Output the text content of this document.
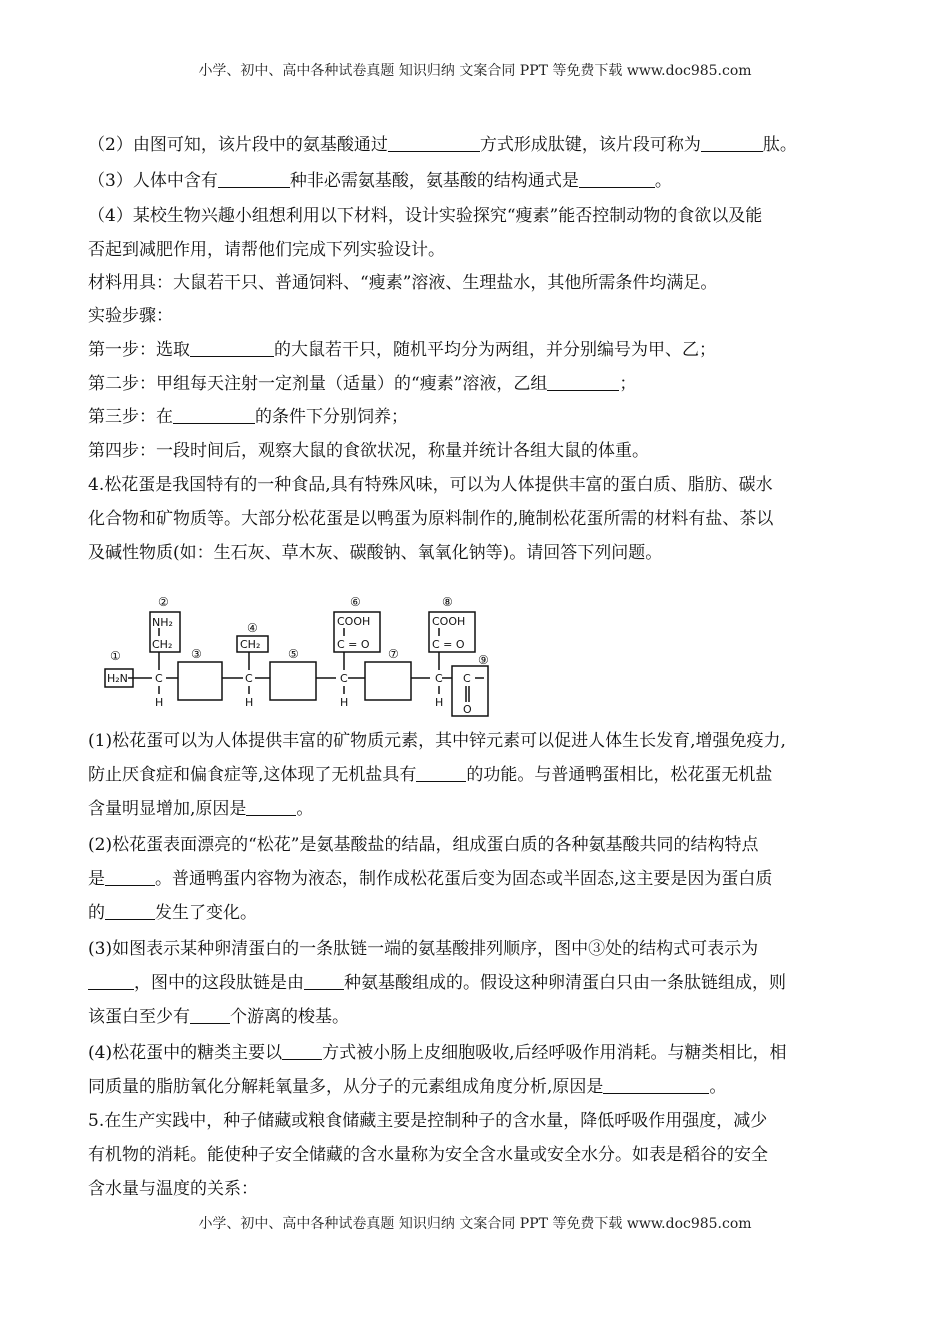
小学、初中、高中各种试卷真题 知识归纳 文案合同 PPT 等免费下载 www.doc985.com
（2）由图可知，该片段中的氨基酸通过	方式形成肽键，该片段可称为	肽。
（3）人体中含有	种非必需氨基酸，氨基酸的结构通式是	。
（4）某校生物兴趣小组想利用以下材料，设计实验探究“瘦素”能否控制动物的食欲以及能
否起到减肥作用，请帮他们完成下列实验设计。
材料用具：大鼠若干只、普通饲料、“瘦素”溶液、生理盐水，其他所需条件均满足。
实验步骤：
第一步：选取	的大鼠若干只，随机平均分为两组，并分别编号为甲、乙；
第二步：甲组每天注射一定剂量（适量）的“瘦素”溶液，乙组	；
第三步：在	的条件下分别饲养；
第四步：一段时间后，观察大鼠的食欲状况，称量并统计各组大鼠的体重。
4.松花蛋是我国特有的一种食品,具有特殊风味，可以为人体提供丰富的蛋白质、脂肪、碳水
化合物和矿物质等。大部分松花蛋是以鸭蛋为原料制作的,腌制松花蛋所需的材料有盐、茶以
及碱性物质(如：生石灰、草木灰、碳酸钠、氧氧化钠等)。请回答下列问题。
①
②
③
④
⑤
⑥
⑦
⑧
⑨
H₂N
NH₂
CH₂	CH₂
COOH
C = O
COOH
C = O
C	C	C	C
H	H	H	H
C
O
(1)松花蛋可以为人体提供丰富的矿物质元素，其中锌元素可以促进人体生长发育,增强免疫力,
防止厌食症和偏食症等,这体现了无机盐具有	的功能。与普通鸭蛋相比，松花蛋无机盐
含量明显增加,原因是	。
(2)松花蛋表面漂亮的“松花”是氨基酸盐的结晶，组成蛋白质的各种氨基酸共同的结构特点
是	。普通鸭蛋内容物为液态，制作成松花蛋后变为固态或半固态,这主要是因为蛋白质
的	发生了变化。
(3)如图表示某种卵清蛋白的一条肽链一端的氨基酸排列顺序，图中③处的结构式可表示为
，图中的这段肽链是由 种氨基酸组成的。假设这种卵清蛋白只由一条肽链组成，则
该蛋白至少有 个游离的梭基。
(4)松花蛋中的糖类主要以 方式被小肠上皮细胞吸收,后经呼吸作用消耗。与糖类相比，相
同质量的脂肪氧化分解耗氧量多，从分子的元素组成角度分析,原因是	。
5.在生产实践中，种子储藏或粮食储藏主要是控制种子的含水量，降低呼吸作用强度，减少
有机物的消耗。能使种子安全储藏的含水量称为安全含水量或安全水分。如表是稻谷的安全
含水量与温度的关系：
小学、初中、高中各种试卷真题 知识归纳 文案合同 PPT 等免费下载 www.doc985.com
